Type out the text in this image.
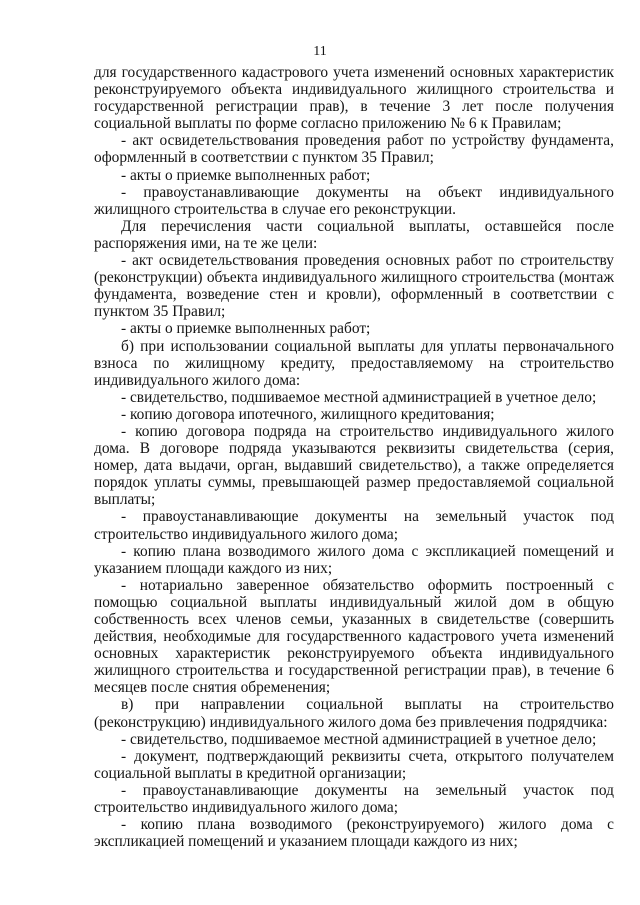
11

для государственного кадастрового учета изменений основных характеристик реконструируемого объекта индивидуального жилищного строительства и государственной регистрации прав), в течение 3 лет после получения социальной выплаты по форме согласно приложению № 6 к Правилам;

- акт освидетельствования проведения работ по устройству фундамента, оформленный в соответствии с пунктом 35 Правил;

- акты о приемке выполненных работ;

- правоустанавливающие документы на объект индивидуального жилищного строительства в случае его реконструкции.

Для перечисления части социальной выплаты, оставшейся после распоряжения ими, на те же цели:

- акт освидетельствования проведения основных работ по строительству (реконструкции) объекта индивидуального жилищного строительства (монтаж фундамента, возведение стен и кровли), оформленный в соответствии с пунктом 35 Правил;

- акты о приемке выполненных работ;

б) при использовании социальной выплаты для уплаты первоначального взноса по жилищному кредиту, предоставляемому на строительство индивидуального жилого дома:

- свидетельство, подшиваемое местной администрацией в учетное дело;

- копию договора ипотечного, жилищного кредитования;

- копию договора подряда на строительство индивидуального жилого дома. В договоре подряда указываются реквизиты свидетельства (серия, номер, дата выдачи, орган, выдавший свидетельство), а также определяется порядок уплаты суммы, превышающей размер предоставляемой социальной выплаты;

- правоустанавливающие документы на земельный участок под строительство индивидуального жилого дома;

- копию плана возводимого жилого дома с экспликацией помещений и указанием площади каждого из них;

- нотариально заверенное обязательство оформить построенный с помощью социальной выплаты индивидуальный жилой дом в общую собственность всех членов семьи, указанных в свидетельстве (совершить действия, необходимые для государственного кадастрового учета изменений основных характеристик реконструируемого объекта индивидуального жилищного строительства и государственной регистрации прав), в течение 6 месяцев после снятия обременения;

в) при направлении социальной выплаты на строительство (реконструкцию) индивидуального жилого дома без привлечения подрядчика:

- свидетельство, подшиваемое местной администрацией в учетное дело;

- документ, подтверждающий реквизиты счета, открытого получателем социальной выплаты в кредитной организации;

- правоустанавливающие документы на земельный участок под строительство индивидуального жилого дома;

- копию плана возводимого (реконструируемого) жилого дома с экспликацией помещений и указанием площади каждого из них;
